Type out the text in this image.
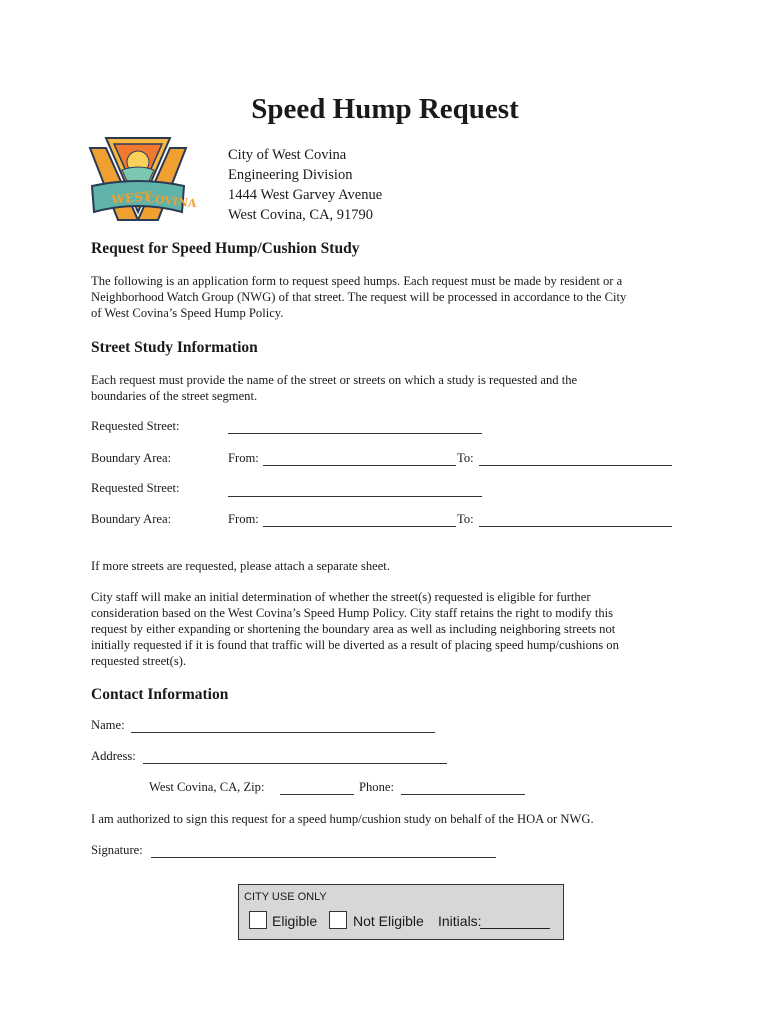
Speed Hump Request
WEST
COVINA
City of West Covina
Engineering Division
1444 West Garvey Avenue
West Covina, CA, 91790
Request for Speed Hump/Cushion Study
The following is an application form to request speed humps. Each request must be made by resident or a
Neighborhood Watch Group (NWG) of that street. The request will be processed in accordance to the City
of West Covina’s Speed Hump Policy.
Street Study Information
Each request must provide the name of the street or streets on which a study is requested and the
boundaries of the street segment.
Requested Street:
Boundary Area:	From:	To:
Requested Street:
Boundary Area:	From:	To:
If more streets are requested, please attach a separate sheet.
City staff will make an initial determination of whether the street(s) requested is eligible for further
consideration based on the West Covina’s Speed Hump Policy. City staff retains the right to modify this
request by either expanding or shortening the boundary area as well as including neighboring streets not
initially requested if it is found that traffic will be diverted as a result of placing speed hump/cushions on
requested street(s).
Contact Information
Name:
Address:
West Covina, CA, Zip:	Phone:
I am authorized to sign this request for a speed hump/cushion study on behalf of the HOA or NWG.
Signature:
CITY USE ONLY
Eligible	Not Eligible Initials:
